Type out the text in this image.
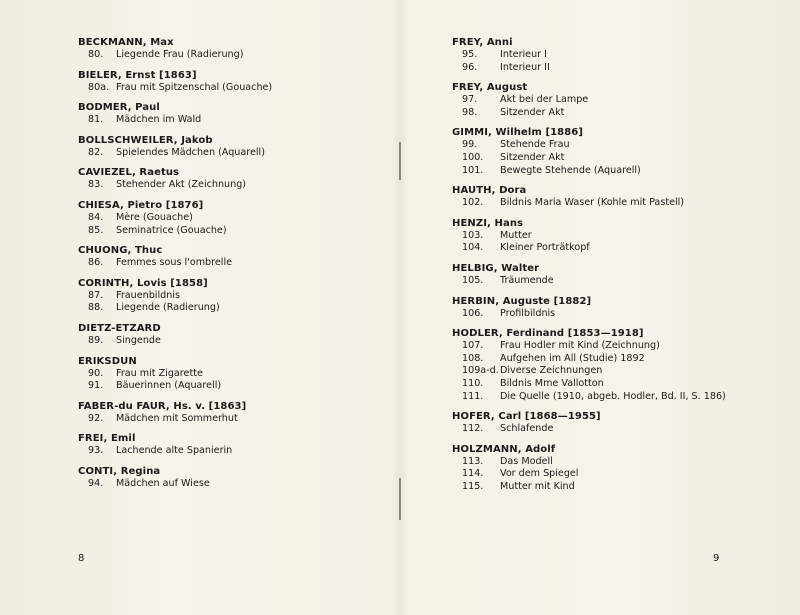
BECKMANN, Max
80.	Liegende Frau (Radierung)
BIELER, Ernst [1863]
80a. Frau mit Spitzenschal (Gouache)
BODMER, Paul
81.	Mädchen im Wald
BOLLSCHWEILER, Jakob
82.	Spielendes Mädchen (Aquarell)
CAVIEZEL, Raetus
83.	Stehender Akt (Zeichnung)
CHIESA, Pietro [1876]
84.	Mère (Gouache)
85.	Seminatrice (Gouache)
CHUONG, Thuc
86.	Femmes sous l'ombrelle
CORINTH, Lovis [1858]
87.	Frauenbildnis
88.	Liegende (Radierung)
DIETZ-ETZARD
89.	Singende
ERIKSDUN
90.	Frau mit Zigarette
91.	Bäuerinnen (Aquarell)
FABER-du FAUR, Hs. v. [1863]
92.	Mädchen mit Sommerhut
FREI, Emil
93.	Lachende alte Spanierin
CONTI, Regina
94.	Mädchen auf Wiese
FREY, Anni
95.	Interieur I
96.	Interieur II
FREY, August
97.	Akt bei der Lampe
98.	Sitzender Akt
GIMMI, Wilhelm [1886]
99.	Stehende Frau
100.	Sitzender Akt
101.	Bewegte Stehende (Aquarell)
HAUTH, Dora
102.	Bildnis Maria Waser (Kohle mit Pastell)
HENZI, Hans
103.	Mutter
104.	Kleiner Porträtkopf
HELBIG, Walter
105.	Träumende
HERBIN, Auguste [1882]
106.	Profilbildnis
HODLER, Ferdinand [1853—1918]
107.	Frau Hodler mit Kind (Zeichnung)
108.	Aufgehen im All (Studie) 1892
109a-d. Diverse Zeichnungen
110.	Bildnis Mme Vallotton
111.	Die Quelle (1910, abgeb. Hodler, Bd. II, S. 186)
HOFER, Carl [1868—1955]
112.	Schlafende
HOLZMANN, Adolf
113.	Das Modell
114.	Vor dem Spiegel
115.	Mutter mit Kind
8	9
